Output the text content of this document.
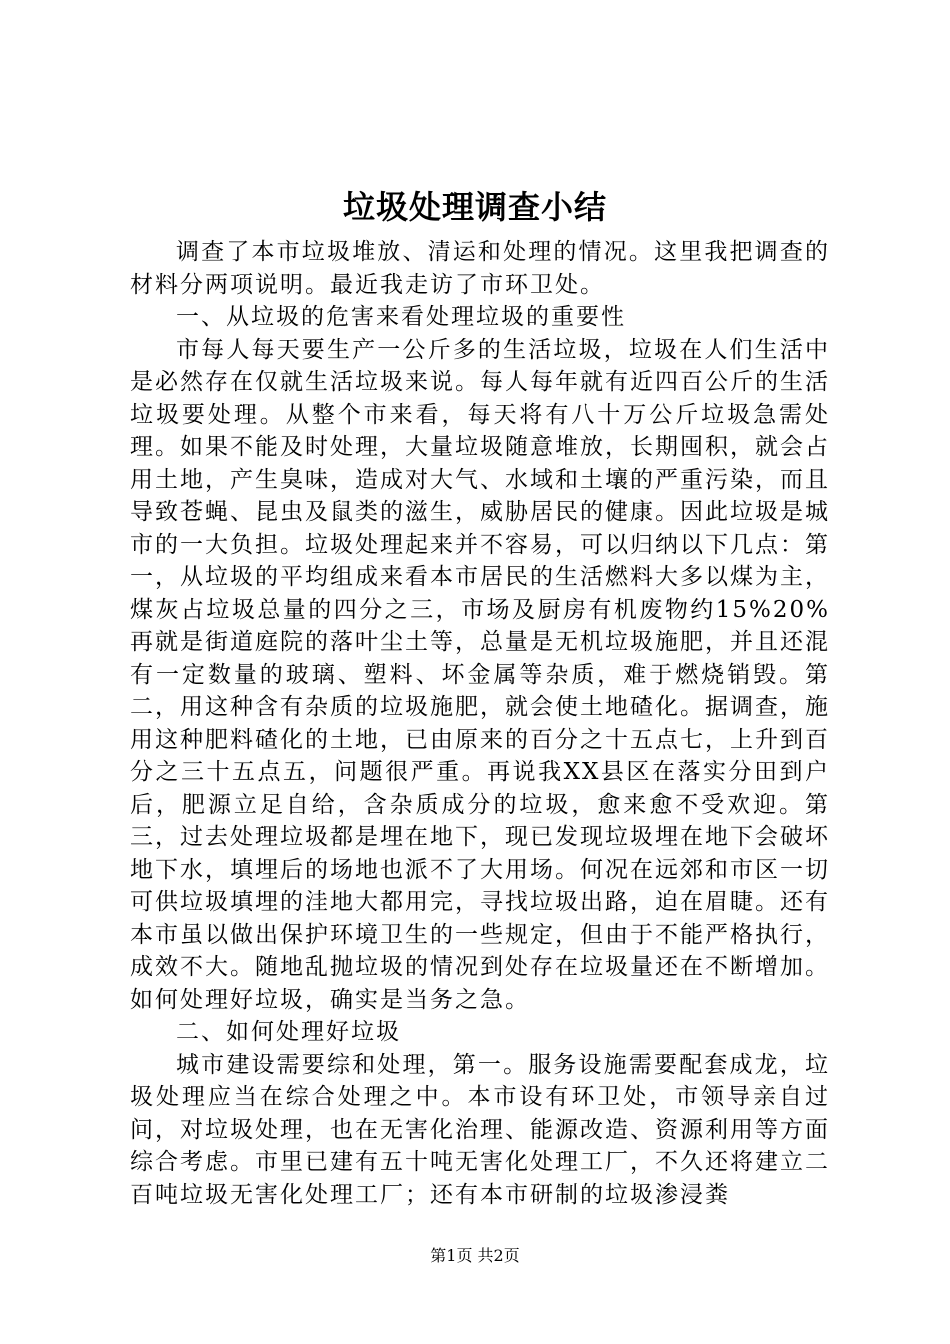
垃圾处理调查小结

调查了本市垃圾堆放、清运和处理的情况。这里我把调查的材料分两项说明。最近我走访了市环卫处。

一、从垃圾的危害来看处理垃圾的重要性

市每人每天要生产一公斤多的生活垃圾，垃圾在人们生活中是必然存在仅就生活垃圾来说。每人每年就有近四百公斤的生活垃圾要处理。从整个市来看，每天将有八十万公斤垃圾急需处理。如果不能及时处理，大量垃圾随意堆放，长期囤积，就会占用土地，产生臭味，造成对大气、水域和土壤的严重污染，而且导致苍蝇、昆虫及鼠类的滋生，威胁居民的健康。因此垃圾是城市的一大负担。垃圾处理起来并不容易，可以归纳以下几点：第一，从垃圾的平均组成来看本市居民的生活燃料大多以煤为主，煤灰占垃圾总量的四分之三，市场及厨房有机废物约15%20%再就是街道庭院的落叶尘土等，总量是无机垃圾施肥，并且还混有一定数量的玻璃、塑料、坏金属等杂质，难于燃烧销毁。第二，用这种含有杂质的垃圾施肥，就会使土地碴化。据调查，施用这种肥料碴化的土地，已由原来的百分之十五点七，上升到百分之三十五点五，问题很严重。再说我XX县区在落实分田到户后，肥源立足自给，含杂质成分的垃圾，愈来愈不受欢迎。第三，过去处理垃圾都是埋在地下，现已发现垃圾埋在地下会破坏地下水，填埋后的场地也派不了大用场。何况在远郊和市区一切可供垃圾填埋的洼地大都用完，寻找垃圾出路，迫在眉睫。还有本市虽以做出保护环境卫生的一些规定，但由于不能严格执行，成效不大。随地乱抛垃圾的情况到处存在垃圾量还在不断增加。如何处理好垃圾，确实是当务之急。

二、如何处理好垃圾

城市建设需要综和处理，第一。服务设施需要配套成龙，垃圾处理应当在综合处理之中。本市设有环卫处，市领导亲自过问，对垃圾处理，也在无害化治理、能源改造、资源利用等方面综合考虑。市里已建有五十吨无害化处理工厂，不久还将建立二百吨垃圾无害化处理工厂；还有本市研制的垃圾渗浸粪

第1页 共2页
